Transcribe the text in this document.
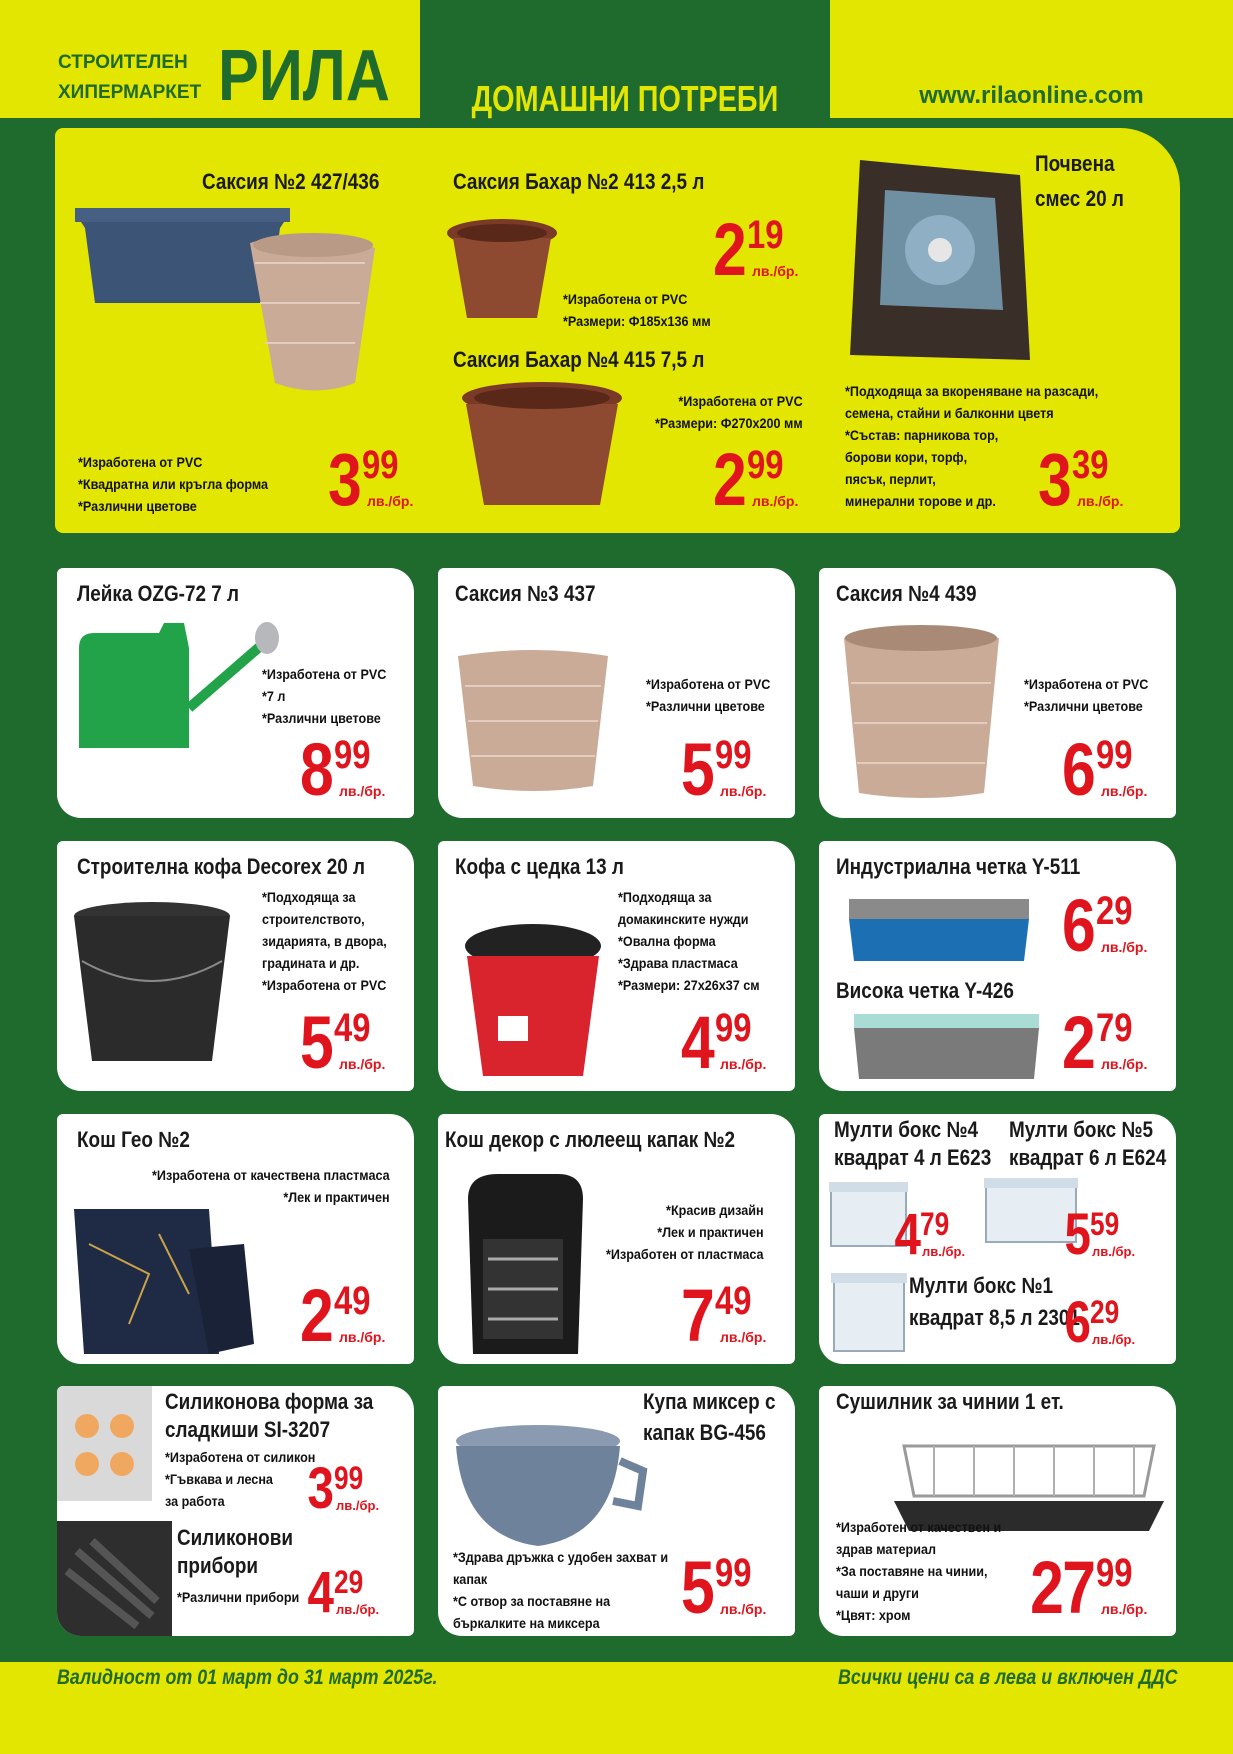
СТРОИТЕЛЕН
ХИПЕРМАРКЕТ РИЛА ДОМАШНИ ПОТРЕБИ	www.rilaonline.com
Саксия №2 427/436
*Изработена от PVC
*Квадратна или кръгла форма
*Различни цветове	3 99
лв./бр.
Саксия Бахар №2 413 2,5 л
*Изработена от PVC
*Размери: Ф185х136 мм
2 19
лв./бр.
Саксия Бахар №4 415 7,5 л
*Изработена от PVC
*Размери: Ф270х200 мм
2 99
лв./бр.
Почвена
смес 20 л
*Подходяща за вкореняване на разсади,
семена, стайни и балконни цветя
*Състав: парникова тор,
борови кори, торф,
пясък, перлит,
минерални торове и др. 3 39
лв./бр.
Лейка OZG-72 7 л
*Изработена от PVC
*7 л
*Различни цветове
8 99
лв./бр.
Саксия №3 437
*Изработена от PVC
*Различни цветове
5 99
лв./бр.
Саксия №4 439
*Изработена от PVC
*Различни цветове
6 99
лв./бр.
Строителна кофа Decorex 20 л
*Подходяща за
строителството,
зидарията, в двора,
градината и др.
*Изработена от PVC
5 49
лв./бр.
Кофа с цедка 13 л
*Подходяща за
домакинските нужди
*Овална форма
*Здрава пластмаса
*Размери: 27х26х37 см
4 99
лв./бр.
Индустриална четка Y-511
6 29
лв./бр.
Висока четка Y-426
2 79
лв./бр.
Кош Гео №2
*Изработена от качествена пластмаса
*Лек и практичен
2 49
лв./бр.
Кош декор с люлеещ капак №2
*Красив дизайн
*Лек и практичен
*Изработен от пластмаса
7 49
лв./бр.
Мулти бокс №4
квадрат 4 л E623
Мулти бокс №5
квадрат 6 л E624
4 79
лв./бр. 5 59
лв./бр.
Мулти бокс №1
квадрат 8,5 л 2301
6 29
лв./бр.
Силиконова форма за
сладкиши SI-3207
*Изработена от силикон
*Гъвкава и лесна
за работа	3 99
лв./бр.
Силиконови
прибори
*Различни прибори 4 29
лв./бр.
Купа миксер с
капак BG-456
*Здрава дръжка с удобен захват и
капак
*С отвор за поставяне на
бъркалките на миксера	5 99
лв./бр.
Сушилник за чинии 1 ет.
*Изработен от качествен и
здрав материал
*За поставяне на чинии,
чаши и други
*Цвят: хром	27 99
лв./бр.
Валидност от 01 март до 31 март 2025г.	Всички цени са в лева и включен ДДС
